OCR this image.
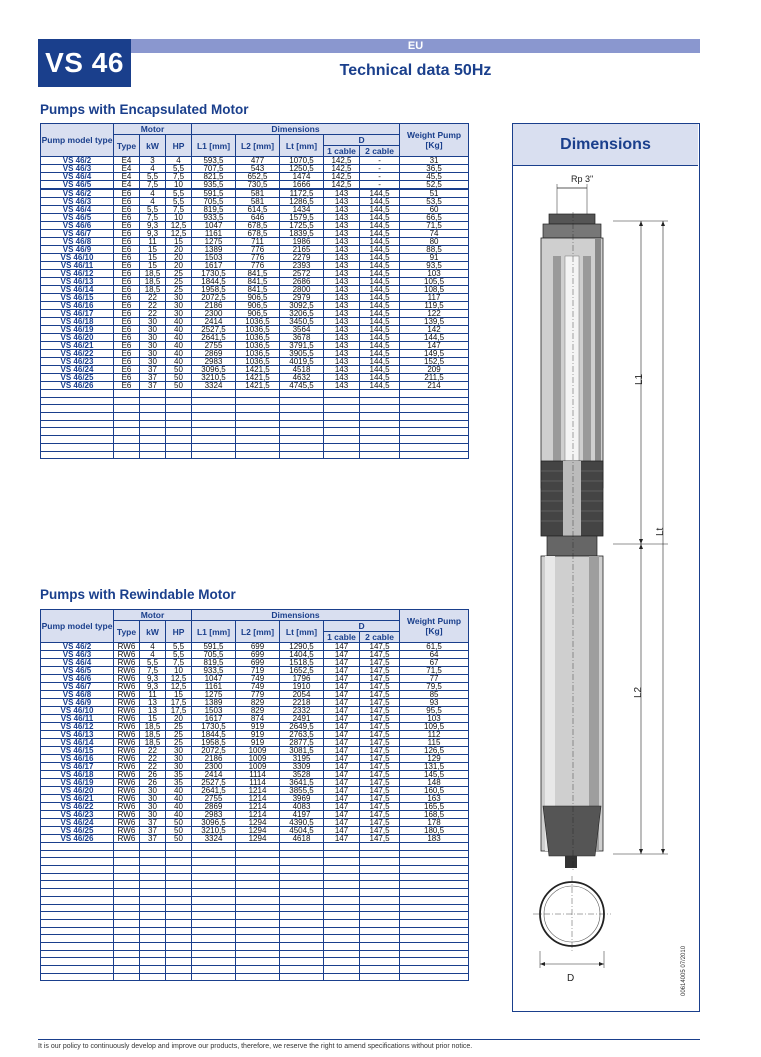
VS 46
EU
Technical data 50Hz
Pumps with Encapsulated Motor
Pump model type	Motor			Dimensions					Weight Pump [Kg]
	Type	kW	HP	L1 [mm]	L2 [mm]	Lt [mm]	D		
							1 cable	2 cable	
VS 46/2	E4	3	4	593,5	477	1070,5	142,5	-	31
VS 46/3	E4	4	5,5	707,5	543	1250,5	142,5	-	36,5
VS 46/4	E4	5,5	7,5	821,5	652,5	1474	142,5	-	45,5
VS 46/5	E4	7,5	10	935,5	730,5	1666	142,5	-	52,5
VS 46/2	E6	4	5,5	591,5	581	1172,5	143	144,5	51
VS 46/3	E6	4	5,5	705,5	581	1286,5	143	144,5	53,5
VS 46/4	E6	5,5	7,5	819,5	614,5	1434	143	144,5	60
VS 46/5	E6	7,5	10	933,5	646	1579,5	143	144,5	66,5
VS 46/6	E6	9,3	12,5	1047	678,5	1725,5	143	144,5	71,5
VS 46/7	E6	9,3	12,5	1161	678,5	1839,5	143	144,5	74
VS 46/8	E6	11	15	1275	711	1986	143	144,5	80
VS 46/9	E6	15	20	1389	776	2165	143	144,5	88,5
VS 46/10	E6	15	20	1503	776	2279	143	144,5	91
VS 46/11	E6	15	20	1617	776	2393	143	144,5	93,5
VS 46/12	E6	18,5	25	1730,5	841,5	2572	143	144,5	103
VS 46/13	E6	18,5	25	1844,5	841,5	2686	143	144,5	105,5
VS 46/14	E6	18,5	25	1958,5	841,5	2800	143	144,5	108,5
VS 46/15	E6	22	30	2072,5	906,5	2979	143	144,5	117
VS 46/16	E6	22	30	2186	906,5	3092,5	143	144,5	119,5
VS 46/17	E6	22	30	2300	906,5	3206,5	143	144,5	122
VS 46/18	E6	30	40	2414	1036,5	3450,5	143	144,5	139,5
VS 46/19	E6	30	40	2527,5	1036,5	3564	143	144,5	142
VS 46/20	E6	30	40	2641,5	1036,5	3678	143	144,5	144,5
VS 46/21	E6	30	40	2755	1036,5	3791,5	143	144,5	147
VS 46/22	E6	30	40	2869	1036,5	3905,5	143	144,5	149,5
VS 46/23	E6	30	40	2983	1036,5	4019,5	143	144,5	152,5
VS 46/24	E6	37	50	3096,5	1421,5	4518	143	144,5	209
VS 46/25	E6	37	50	3210,5	1421,5	4632	143	144,5	211,5
VS 46/26	E6	37	50	3324	1421,5	4745,5	143	144,5	214

Pumps with Rewindable Motor
Pump model type	Motor			Dimensions					Weight Pump [Kg]
	Type	kW	HP	L1 [mm]	L2 [mm]	Lt [mm]	D		
							1 cable	2 cable	
VS 46/2	RW6	4	5,5	591,5	699	1290,5	147	147,5	61,5
VS 46/3	RW6	4	5,5	705,5	699	1404,5	147	147,5	64
VS 46/4	RW6	5,5	7,5	819,5	699	1518,5	147	147,5	67
VS 46/5	RW6	7,5	10	933,5	719	1652,5	147	147,5	71,5
VS 46/6	RW6	9,3	12,5	1047	749	1796	147	147,5	77
VS 46/7	RW6	9,3	12,5	1161	749	1910	147	147,5	79,5
VS 46/8	RW6	11	15	1275	779	2054	147	147,5	85
VS 46/9	RW6	13	17,5	1389	829	2218	147	147,5	93
VS 46/10	RW6	13	17,5	1503	829	2332	147	147,5	95,5
VS 46/11	RW6	15	20	1617	874	2491	147	147,5	103
VS 46/12	RW6	18,5	25	1730,5	919	2649,5	147	147,5	109,5
VS 46/13	RW6	18,5	25	1844,5	919	2763,5	147	147,5	112
VS 46/14	RW6	18,5	25	1958,5	919	2877,5	147	147,5	115
VS 46/15	RW6	22	30	2072,5	1009	3081,5	147	147,5	126,5
VS 46/16	RW6	22	30	2186	1009	3195	147	147,5	129
VS 46/17	RW6	22	30	2300	1009	3309	147	147,5	131,5
VS 46/18	RW6	26	35	2414	1114	3528	147	147,5	145,5
VS 46/19	RW6	26	35	2527,5	1114	3641,5	147	147,5	148
VS 46/20	RW6	30	40	2641,5	1214	3855,5	147	147,5	160,5
VS 46/21	RW6	30	40	2755	1214	3969	147	147,5	163
VS 46/22	RW6	30	40	2869	1214	4083	147	147,5	165,5
VS 46/23	RW6	30	40	2983	1214	4197	147	147,5	168,5
VS 46/24	RW6	37	50	3096,5	1294	4390,5	147	147,5	178
VS 46/25	RW6	37	50	3210,5	1294	4504,5	147	147,5	180,5
VS 46/26	RW6	37	50	3324	1294	4618	147	147,5	183

Dimensions
Rp 3"
L1
Lt
L2
D	00614005 07/2010
It is our policy to continuously develop and improve our products, therefore, we reserve the right to amend specifications without prior notice.
